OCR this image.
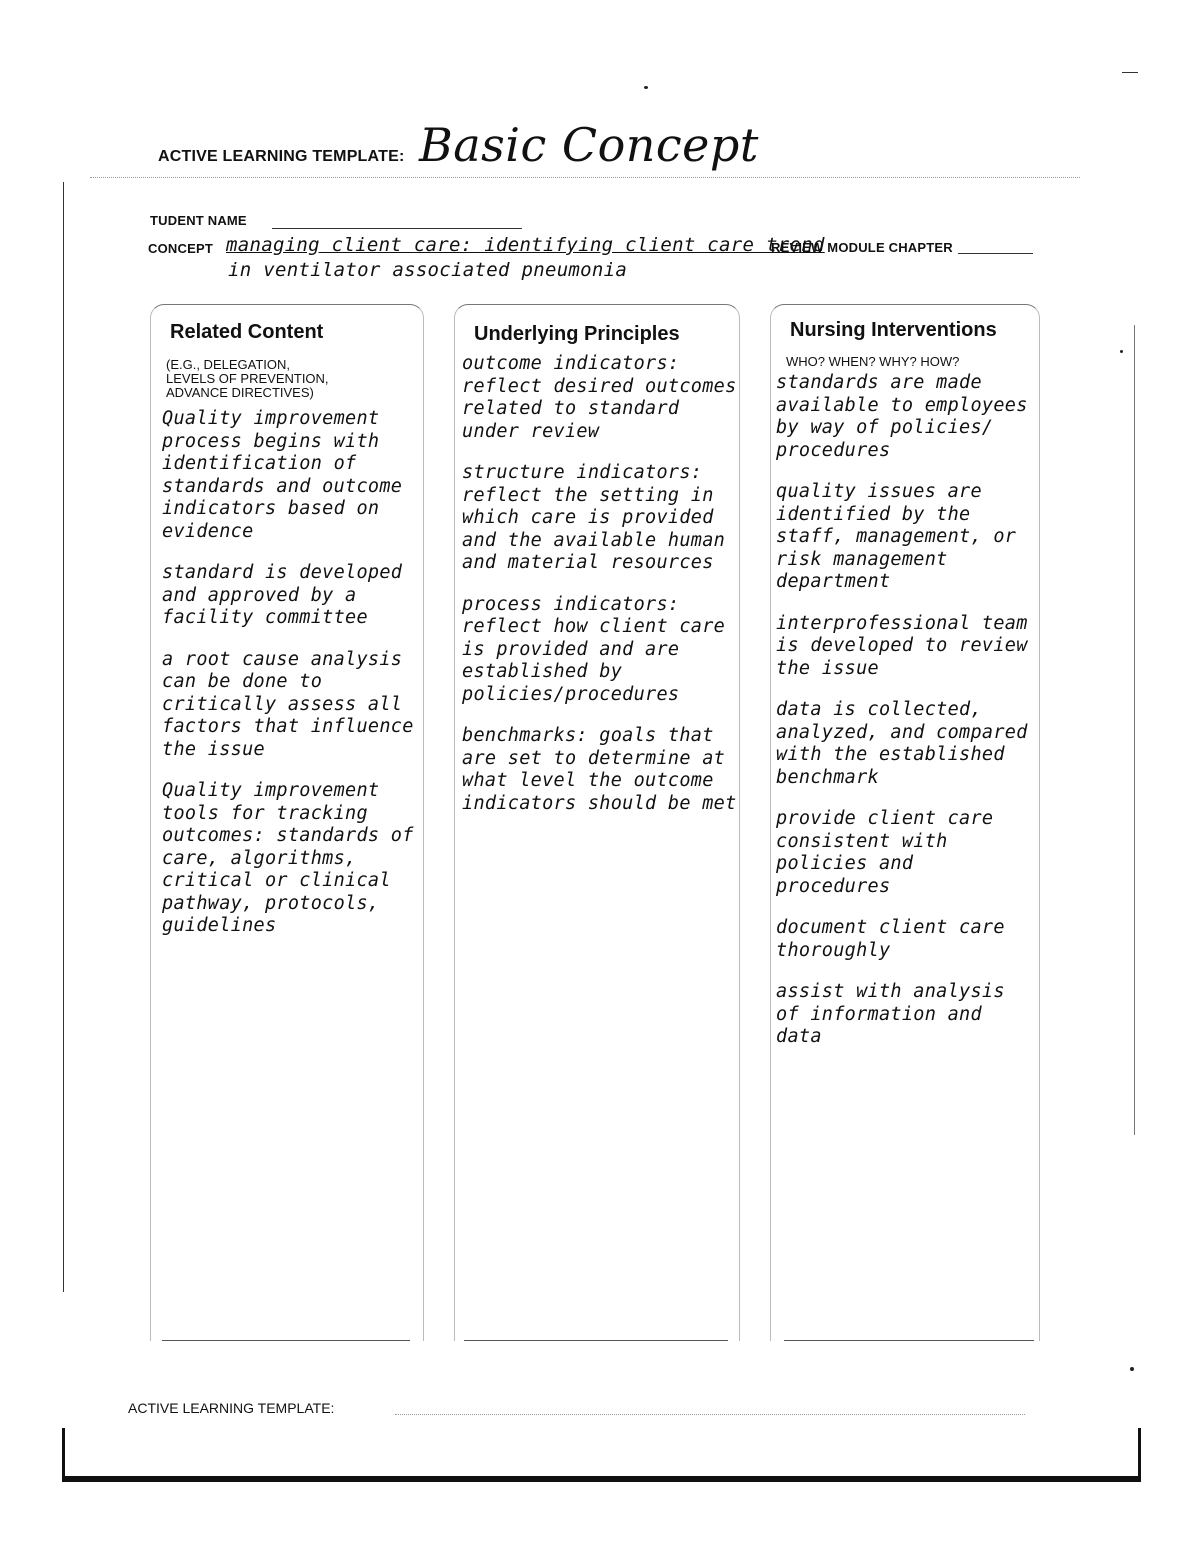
ACTIVE LEARNING TEMPLATE: Basic Concept
TUDENT NAME
CONCEPT managing client care: identifying client care trend
in ventilator associated pneumonia
REVIEW MODULE CHAPTER
Related Content
(E.G., DELEGATION,
LEVELS OF PREVENTION,
ADVANCE DIRECTIVES)
Quality improvement process begins with identification of standards and outcome indicators based on evidence
standard is developed and approved by a facility committee
a root cause analysis can be done to critically assess all factors that influence the issue
Quality improvement tools for tracking outcomes: standards of care, algorithms, critical or clinical pathway, protocols, guidelines
Underlying Principles
outcome indicators: reflect desired outcomes related to standard under review
structure indicators: reflect the setting in which care is provided and the available human and material resources
process indicators: reflect how client care is provided and are established by policies/procedures
benchmarks: goals that are set to determine at what level the outcome indicators should be met
Nursing Interventions
WHO? WHEN? WHY? HOW?
standards are made available to employees by way of policies/ procedures
quality issues are identified by the staff, management, or risk management department
interprofessional team is developed to review the issue
data is collected, analyzed, and compared with the established benchmark
provide client care consistent with policies and procedures
document client care thoroughly
assist with analysis of information and data
ACTIVE LEARNING TEMPLATE:
